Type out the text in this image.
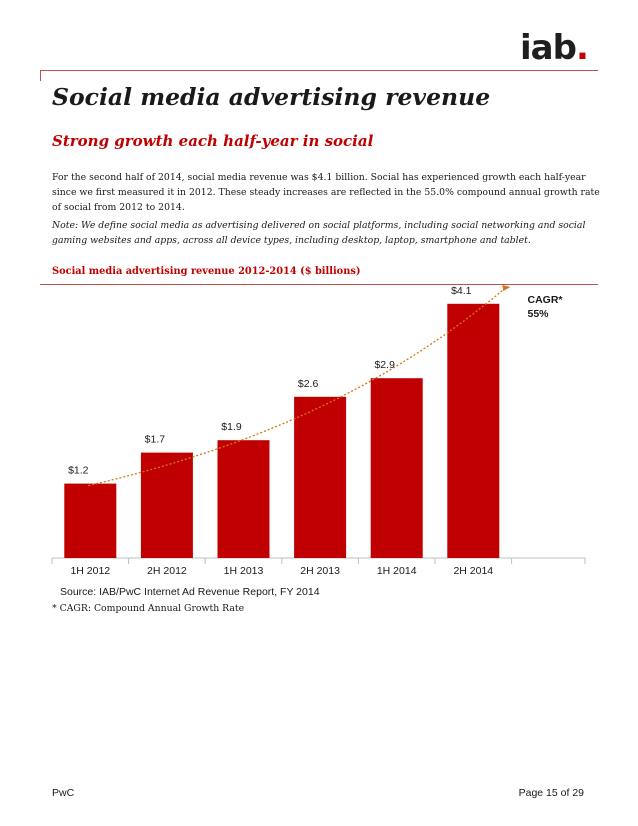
iab.
Social media advertising revenue
Strong growth each half-year in social

For the second half of 2014, social media revenue was $4.1 billion. Social has experienced growth each half-year since we first measured it in 2012. These steady increases are reflected in the 55.0% compound annual growth rate of social from 2012 to 2014.

Note: We define social media as advertising delivered on social platforms, including social networking and social gaming websites and apps, across all device types, including desktop, laptop, smartphone and tablet.

Social media advertising revenue 2012-2014 ($ billions)

$1.2
1H 2012
$1.7
2H 2012
$1.9
1H 2013
$2.6
2H 2013
$2.9
1H 2014
$4.1
2H 2014
CAGR*
55%

Source: IAB/PwC Internet Ad Revenue Report, FY 2014

* CAGR: Compound Annual Growth Rate

PwC	Page 15 of 29
